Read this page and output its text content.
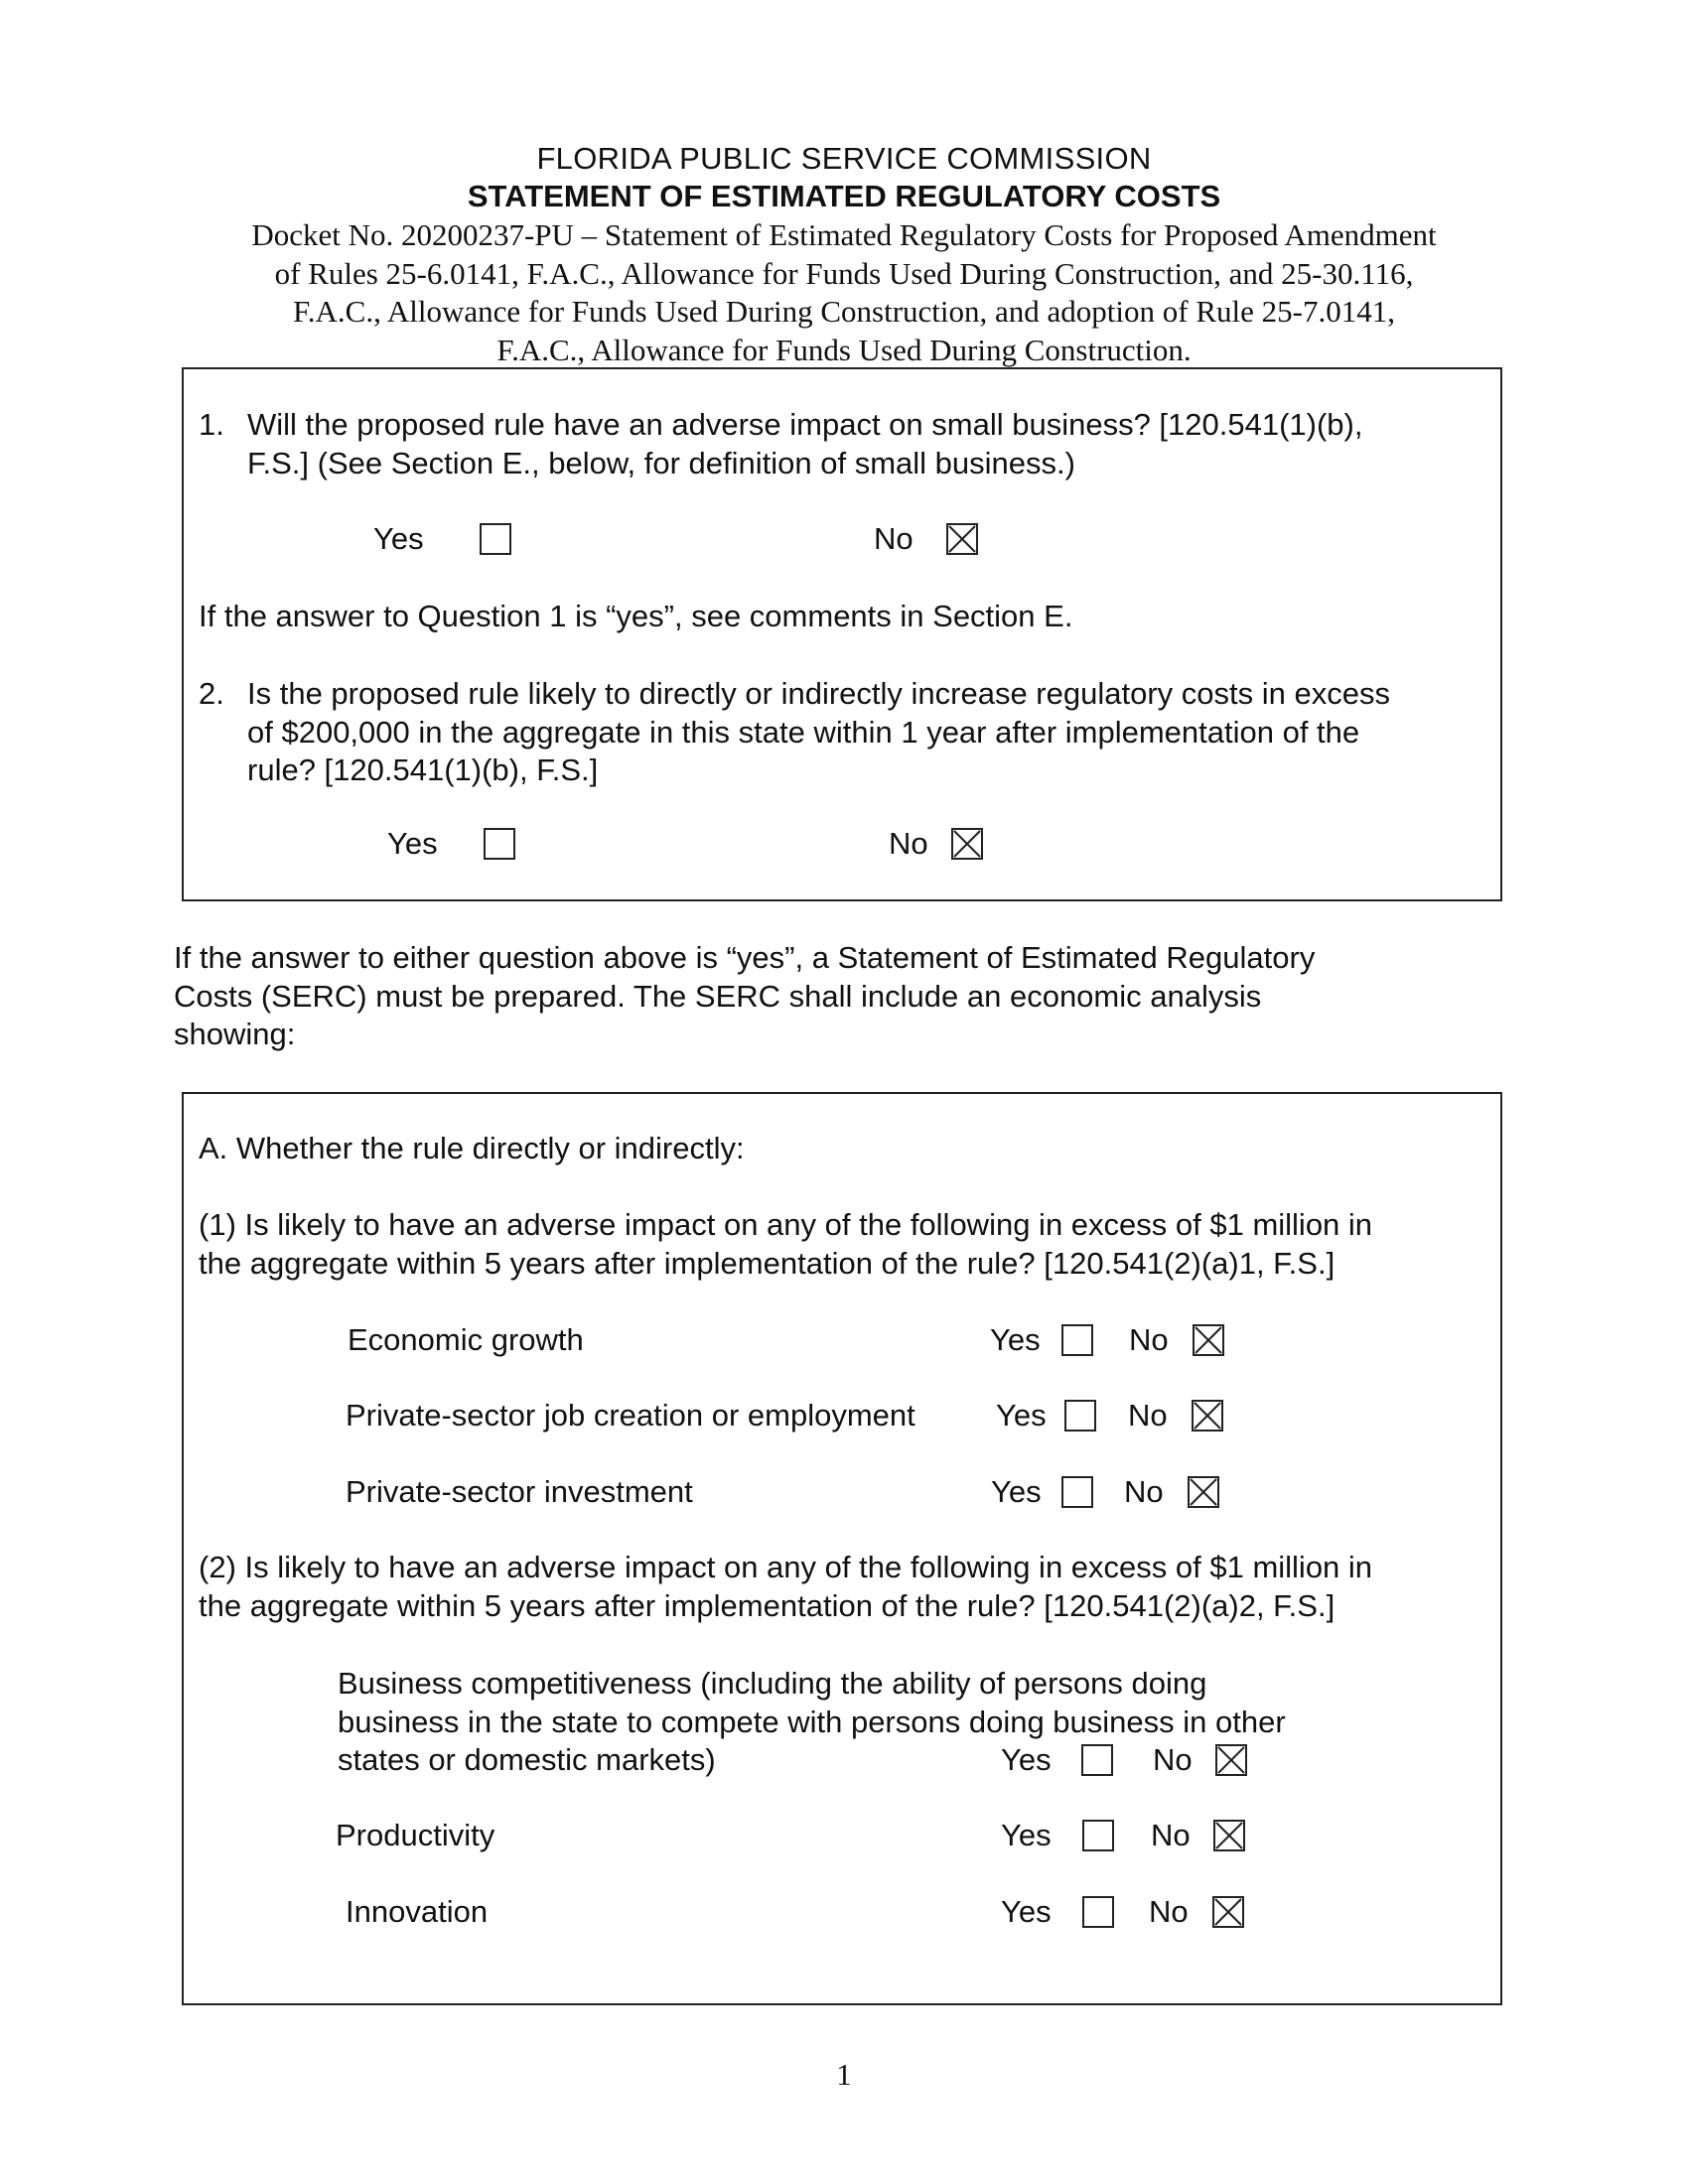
FLORIDA PUBLIC SERVICE COMMISSION
STATEMENT OF ESTIMATED REGULATORY COSTS
Docket No. 20200237-PU – Statement of Estimated Regulatory Costs for Proposed Amendment
of Rules 25-6.0141, F.A.C., Allowance for Funds Used During Construction, and 25-30.116,
F.A.C., Allowance for Funds Used During Construction, and adoption of Rule 25-7.0141,
F.A.C., Allowance for Funds Used During Construction.
1. Will the proposed rule have an adverse impact on small business? [120.541(1)(b),
F.S.] (See Section E., below, for definition of small business.)
Yes	No
If the answer to Question 1 is “yes”, see comments in Section E.
2. Is the proposed rule likely to directly or indirectly increase regulatory costs in excess
of $200,000 in the aggregate in this state within 1 year after implementation of the
rule? [120.541(1)(b), F.S.]
Yes	No
If the answer to either question above is “yes”, a Statement of Estimated Regulatory
Costs (SERC) must be prepared. The SERC shall include an economic analysis
showing:
A. Whether the rule directly or indirectly:
(1) Is likely to have an adverse impact on any of the following in excess of $1 million in
the aggregate within 5 years after implementation of the rule? [120.541(2)(a)1, F.S.]
Economic growth	Yes	No
Private-sector job creation or employment	Yes	No
Private-sector investment	Yes	No
(2) Is likely to have an adverse impact on any of the following in excess of $1 million in
the aggregate within 5 years after implementation of the rule? [120.541(2)(a)2, F.S.]
Business competitiveness (including the ability of persons doing
business in the state to compete with persons doing business in other
states or domestic markets)	Yes	No
Productivity	Yes	No
Innovation	Yes	No
1
